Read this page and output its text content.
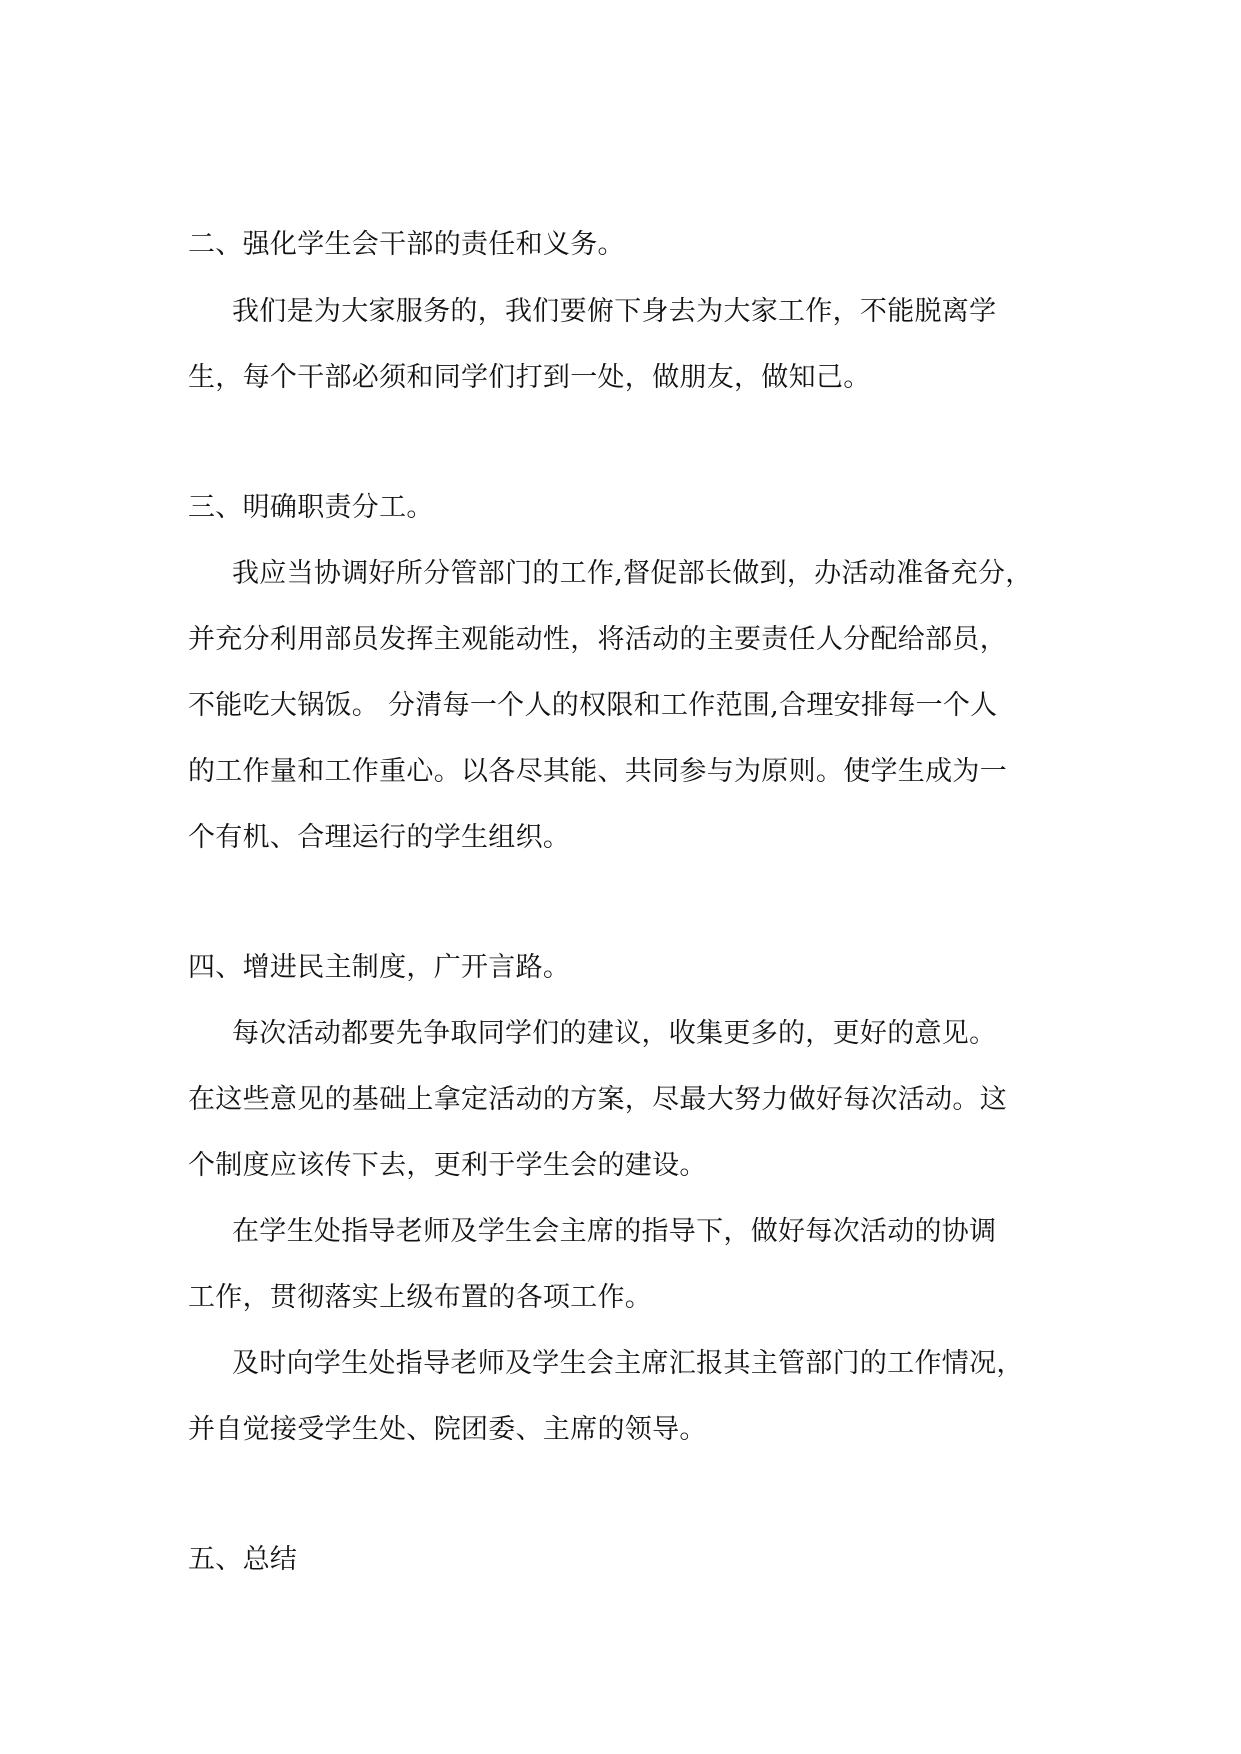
二、强化学生会干部的责任和义务。
我们是为大家服务的，我们要俯下身去为大家工作，不能脱离学
生，每个干部必须和同学们打到一处，做朋友，做知己。
三、明确职责分工。
我应当协调好所分管部门的工作,督促部长做到，办活动准备充分，
并充分利用部员发挥主观能动性，将活动的主要责任人分配给部员，
不能吃大锅饭。 分清每一个人的权限和工作范围,合理安排每一个人
的工作量和工作重心。以各尽其能、共同参与为原则。使学生成为一
个有机、合理运行的学生组织。
四、增进民主制度，广开言路。
每次活动都要先争取同学们的建议，收集更多的，更好的意见。
在这些意见的基础上拿定活动的方案，尽最大努力做好每次活动。这
个制度应该传下去，更利于学生会的建设。
在学生处指导老师及学生会主席的指导下，做好每次活动的协调
工作，贯彻落实上级布置的各项工作。
及时向学生处指导老师及学生会主席汇报其主管部门的工作情况，
并自觉接受学生处、院团委、主席的领导。
五、总结
